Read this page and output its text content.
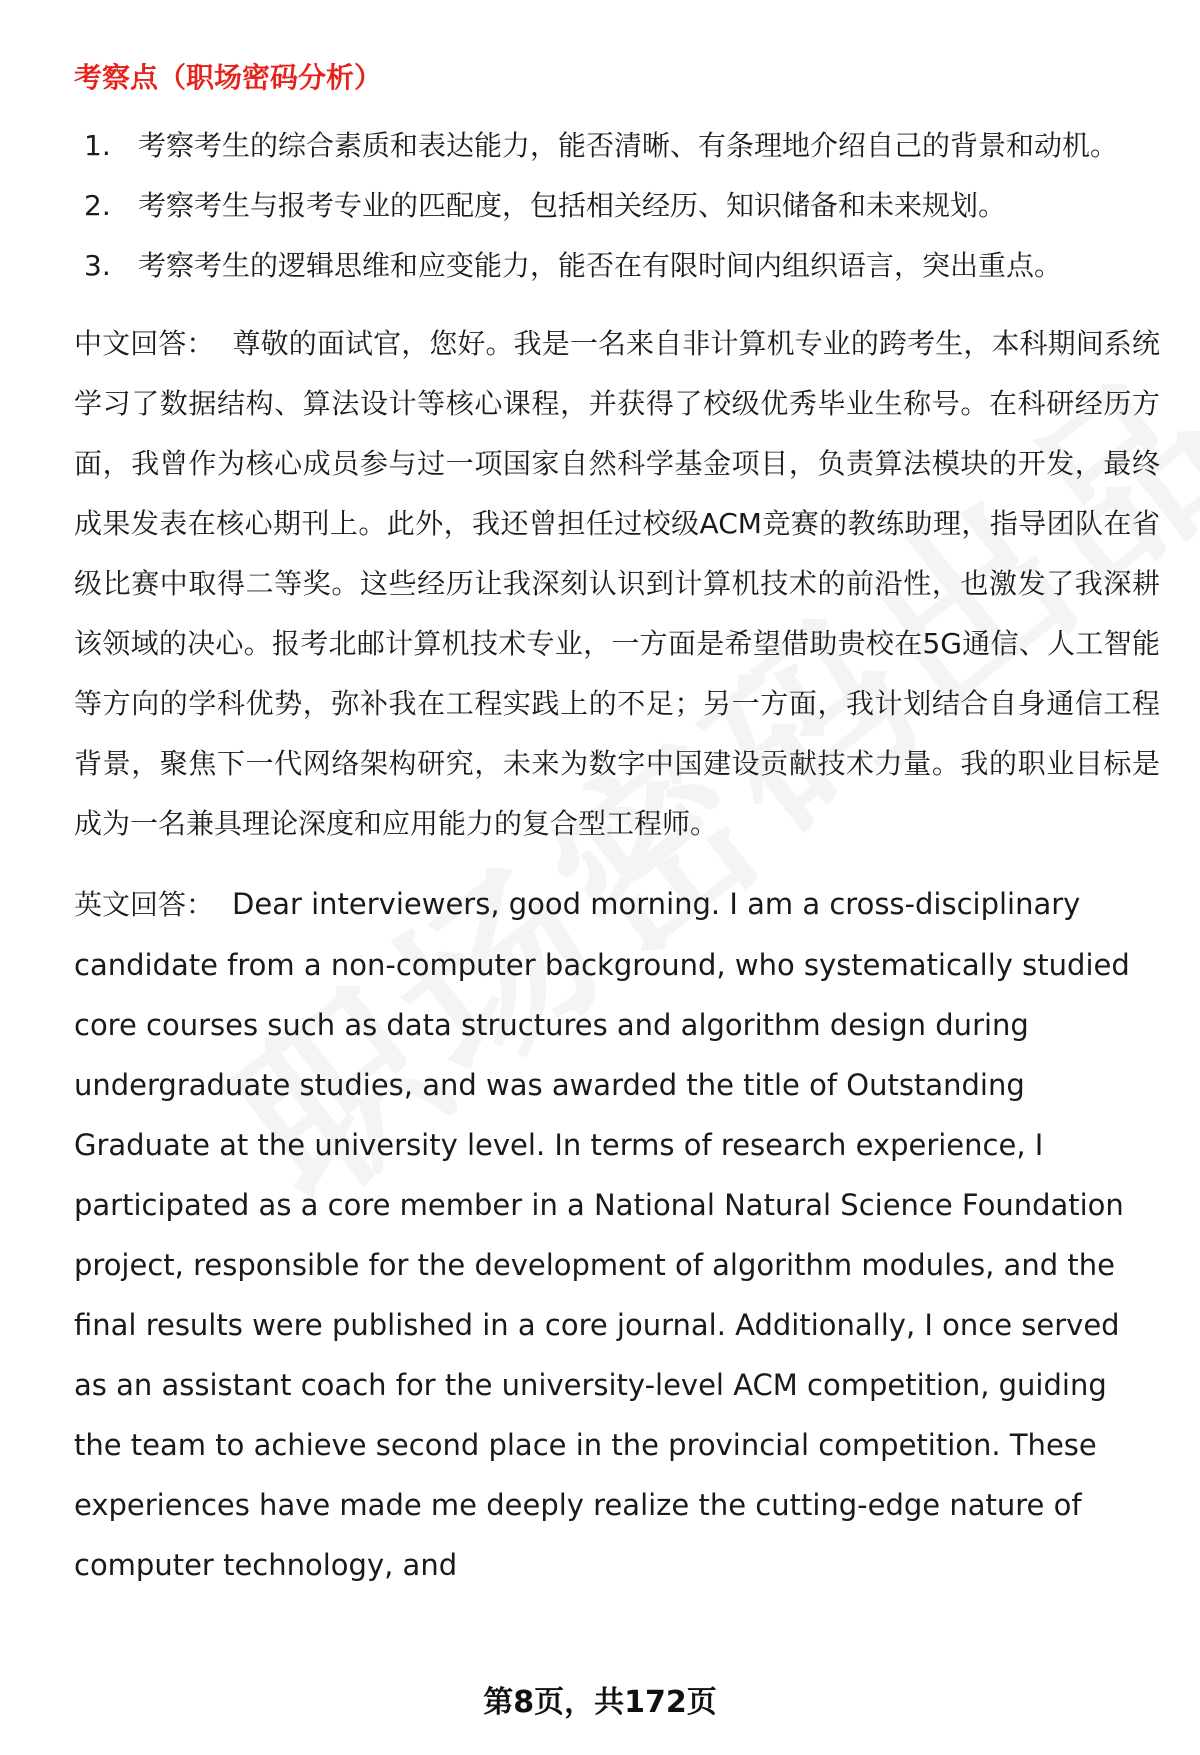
考察点（职场密码分析）
1. 考察考生的综合素质和表达能力，能否清晰、有条理地介绍自己的背景和动机。
2. 考察考生与报考专业的匹配度，包括相关经历、知识储备和未来规划。
3. 考察考生的逻辑思维和应变能力，能否在有限时间内组织语言，突出重点。

中文回答： 尊敬的面试官，您好。我是一名来自非计算机专业的跨考生，本科期间系统学习了数据结构、算法设计等核心课程，并获得了校级优秀毕业生称号。在科研经历方面，我曾作为核心成员参与过一项国家自然科学基金项目，负责算法模块的开发，最终成果发表在核心期刊上。此外，我还曾担任过校级ACM竞赛的教练助理，指导团队在省级比赛中取得二等奖。这些经历让我深刻认识到计算机技术的前沿性，也激发了我深耕该领域的决心。报考北邮计算机技术专业，一方面是希望借助贵校在5G通信、人工智能等方向的学科优势，弥补我在工程实践上的不足；另一方面，我计划结合自身通信工程背景，聚焦下一代网络架构研究，未来为数字中国建设贡献技术力量。我的职业目标是成为一名兼具理论深度和应用能力的复合型工程师。

英文回答： Dear interviewers, good morning. I am a cross-disciplinary candidate from a non-computer background, who systematically studied core courses such as data structures and algorithm design during undergraduate studies, and was awarded the title of Outstanding Graduate at the university level. In terms of research experience, I participated as a core member in a National Natural Science Foundation project, responsible for the development of algorithm modules, and the final results were published in a core journal. Additionally, I once served as an assistant coach for the university-level ACM competition, guiding the team to achieve second place in the provincial competition. These experiences have made me deeply realize the cutting-edge nature of computer technology, and

第8页，共172页
